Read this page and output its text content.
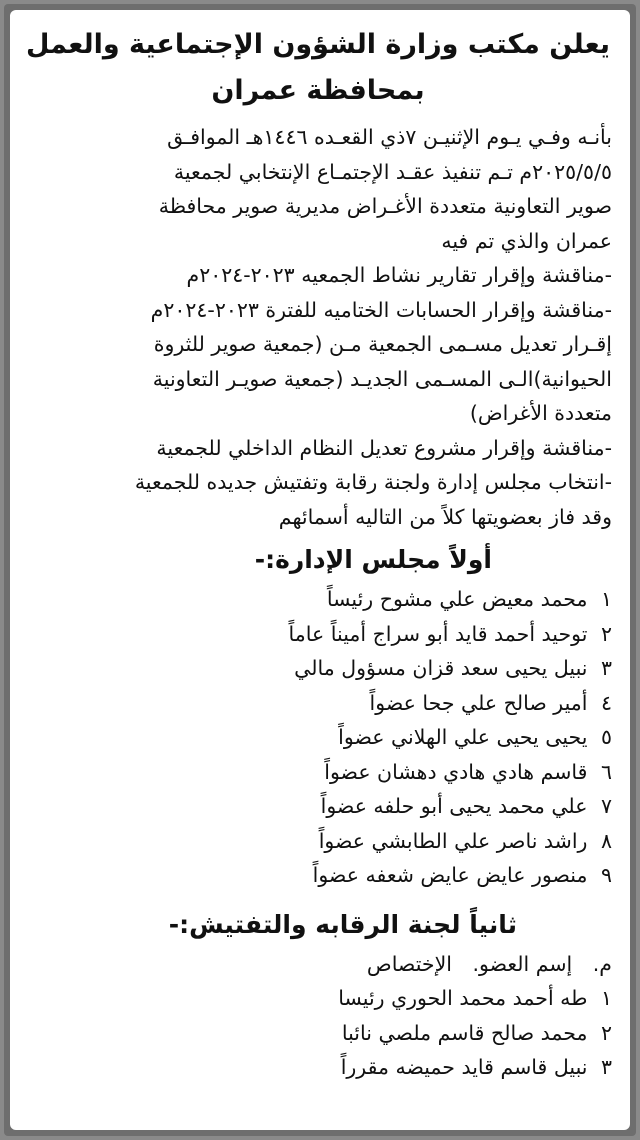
يعلن مكتب وزارة الشؤون الإجتماعية والعمل
بمحافظة عمران
بأنـه وفـي يـوم الإثنيـن ٧ذي القعـده ١٤٤٦هـ الموافـق
٢٠٢٥/٥/٥م تـم تنفيذ عقـد الإجتمـاع الإنتخابي لجمعية
صوير التعاونية متعددة الأغـراض مديرية صوير محافظة
عمران والذي تم فيه
-مناقشة وإقرار تقارير نشاط الجمعيه ٢٠٢٣-٢٠٢٤م
-مناقشة وإقرار الحسابات الختاميه للفترة ٢٠٢٣-٢٠٢٤م
إقـرار تعديل مسـمى الجمعية مـن (جمعية صوير للثروة
الحيوانية)الـى المسـمى الجديـد (جمعية صويـر التعاونية
متعددة الأغراض)
-مناقشة وإقرار مشروع تعديل النظام الداخلي للجمعية
-انتخاب مجلس إدارة ولجنة رقابة وتفتيش جديده للجمعية
وقد فاز بعضويتها كلاً من التاليه أسمائهم
أولاً مجلس الإدارة:-
١ محمد معيض علي مشوح رئيساً
٢ توحيد أحمد قايد أبو سراج أميناً عاماً
٣ نبيل يحيى سعد قزان مسؤول مالي
٤ أمير صالح علي جحا عضواً
٥ يحيى يحيى علي الهلاني عضواً
٦ قاسم هادي هادي دهشان عضواً
٧ علي محمد يحيى أبو حلفه عضواً
٨ راشد ناصر علي الطابشي عضواً
٩ منصور عايض عايض شعفه عضواً
ثانياً لجنة الرقابه والتفتيش:-
م. إسم العضو. الإختصاص
١ طه أحمد محمد الحوري رئيسا
٢ محمد صالح قاسم ملصي نائبا
٣ نبيل قاسم قايد حميضه مقرراً
